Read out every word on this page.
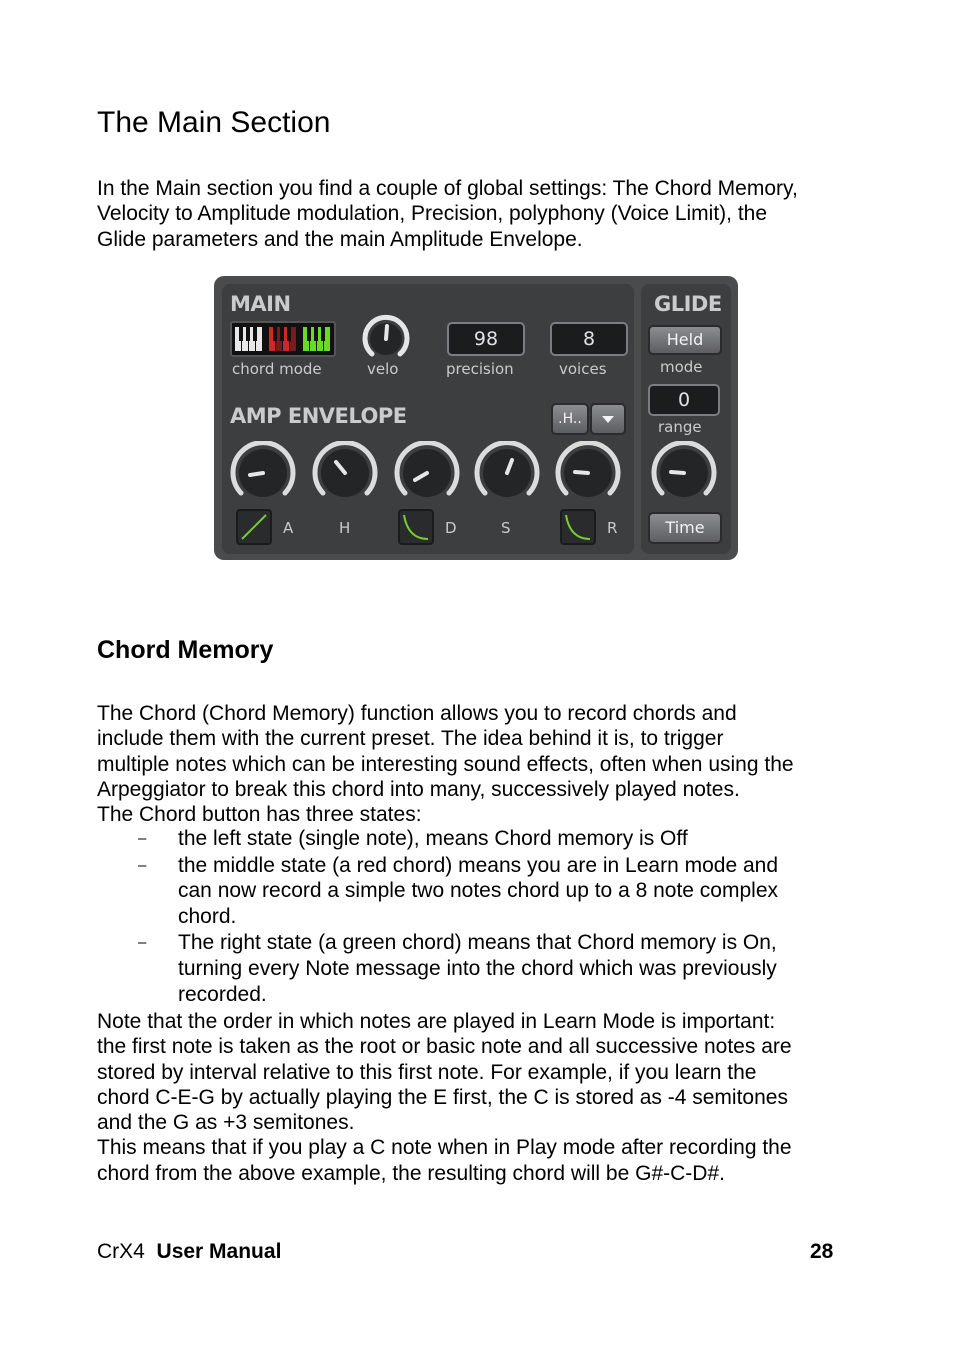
The Main Section
In the Main section you find a couple of global settings: The Chord Memory,
Velocity to Amplitude modulation, Precision, polyphony (Voice Limit), the
Glide parameters and the main Amplitude Envelope.
MAIN
chord mode	velo
98
precision
8
voices
AMP ENVELOPE	.H..
A	H	D	S	R
GLIDE
Held
mode
0
range
Time
Chord Memory
The Chord (Chord Memory) function allows you to record chords and
include them with the current preset. The idea behind it is, to trigger
multiple notes which can be interesting sound effects, often when using the
Arpeggiator to break this chord into many, successively played notes.
The Chord button has three states:
– the left state (single note), means Chord memory is Off
– the middle state (a red chord) means you are in Learn mode and
can now record a simple two notes chord up to a 8 note complex
chord.
– The right state (a green chord) means that Chord memory is On,
turning every Note message into the chord which was previously
recorded.
Note that the order in which notes are played in Learn Mode is important:
the first note is taken as the root or basic note and all successive notes are
stored by interval relative to this first note. For example, if you learn the
chord C-E-G by actually playing the E first, the C is stored as -4 semitones
and the G as +3 semitones.
This means that if you play a C note when in Play mode after recording the
chord from the above example, the resulting chord will be G#-C-D#.
CrX4 User Manual	28
